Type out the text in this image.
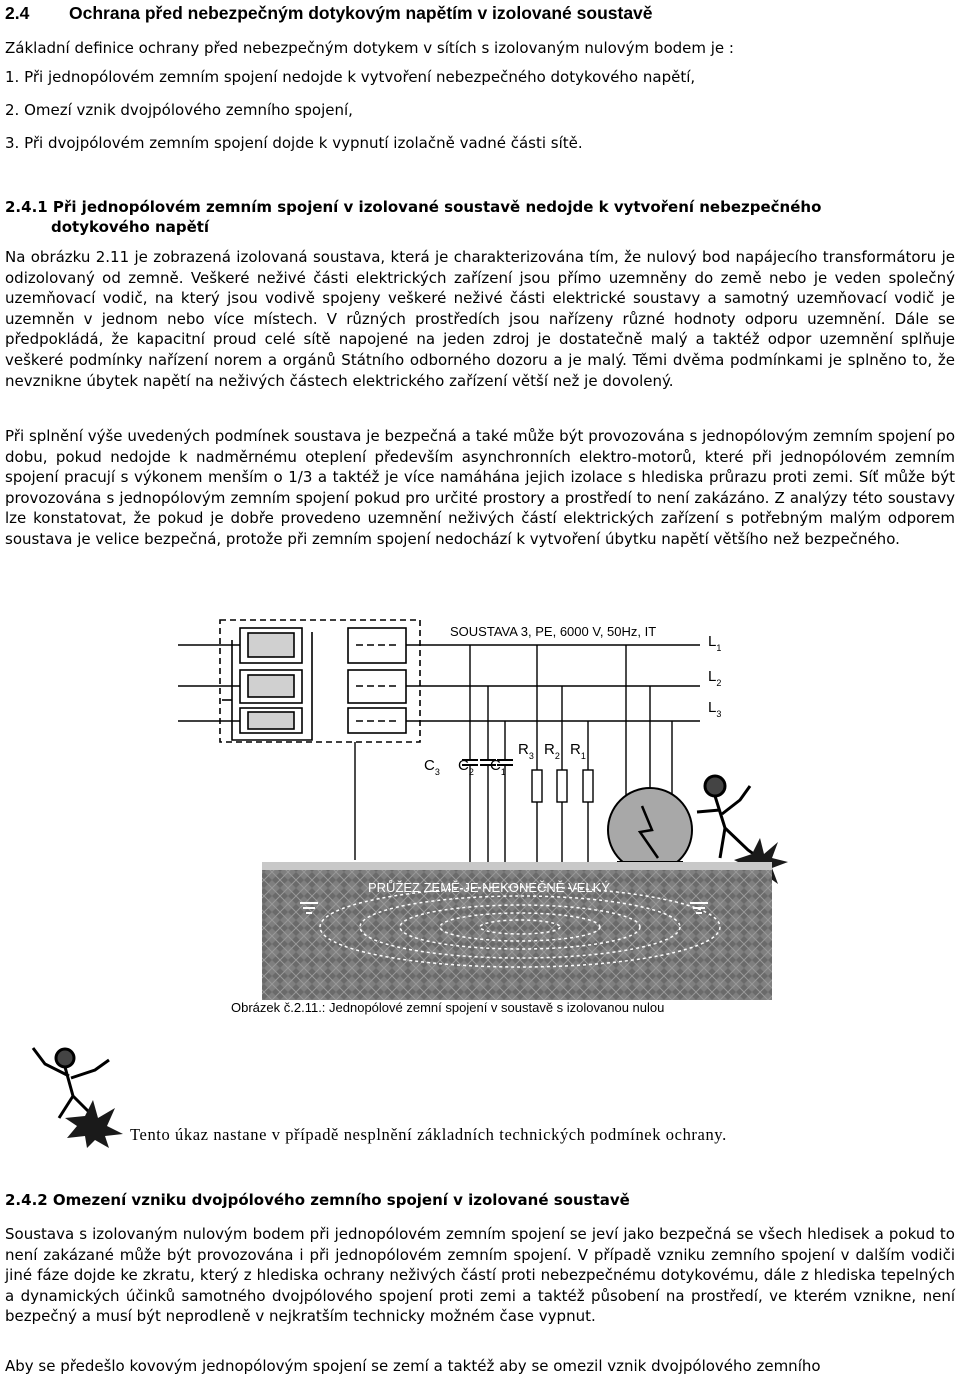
2.4 Ochrana před nebezpečným dotykovým napětím v izolované soustavě
Základní definice ochrany před nebezpečným dotykem v sítích s izolovaným nulovým bodem je :
1. Při jednopólovém zemním spojení nedojde k vytvoření nebezpečného dotykového napětí,
2. Omezí vznik dvojpólového zemního spojení,
3. Při dvojpólovém zemním spojení dojde k vypnutí izolačně vadné části sítě.
2.4.1 Při jednopólovém zemním spojení v izolované soustavě nedojde k vytvoření nebezpečného
dotykového napětí
Na obrázku 2.11 je zobrazená izolovaná soustava, která je charakterizována tím, že nulový bod napájecího transformátoru je odizolovaný od zemně. Veškeré neživé části elektrických zařízení jsou přímo uzemněny do země nebo je veden společný uzemňovací vodič, na který jsou vodivě spojeny veškeré neživé části elektrické soustavy a samotný uzemňovací vodič je uzemněn v jednom nebo více místech. V různých prostředích jsou nařízeny různé hodnoty odporu uzemnění. Dále se předpokládá, že kapacitní proud celé sítě napojené na jeden zdroj je dostatečně malý a taktéž odpor uzemnění splňuje veškeré podmínky nařízení norem a orgánů Státního odborného dozoru a je malý. Těmi dvěma podmínkami je splněno to, že nevznikne úbytek napětí na neživých částech elektrického zařízení větší než je dovolený.
Při splnění výše uvedených podmínek soustava je bezpečná a také může být provozována s jednopólovým zemním spojení po dobu, pokud nedojde k nadměrnému oteplení především asynchronních elektro-motorů, které při jednopólovém zemním spojení pracují s výkonem menším o 1/3 a taktéž je více namáhána jejich izolace s hlediska průrazu proti zemi. Síť může být provozována s jednopólovým zemním spojení pokud pro určité prostory a prostředí to není zakázáno. Z analýzy této soustavy lze konstatovat, že pokud je dobře provedeno uzemnění neživých částí elektrických zařízení s potřebným malým odporem soustava je velice bezpečná, protože při zemním spojení nedochází k vytvoření úbytku napětí většího než bezpečného.
SOUSTAVA 3, PE, 6000 V, 50Hz, IT
$L_1$
$L_2$
$L_3$
$C_3$ $C_2$ $C_1$
$R_3$ $R_2$ $R_1$
PRŮŽEZ ZEMĚ JE NEKONEČNĚ VELKÝ
Obrázek č.2.11.: Jednopólové zemní spojení v soustavě s izolovanou nulou
Tento úkaz nastane v případě nesplnění základních technických podmínek ochrany.
2.4.2 Omezení vzniku dvojpólového zemního spojení v izolované soustavě
Soustava s izolovaným nulovým bodem při jednopólovém zemním spojení se jeví jako bezpečná se všech hledisek a pokud to není zakázané může být provozována i při jednopólovém zemním spojení. V případě vzniku zemního spojení v dalším vodiči jiné fáze dojde ke zkratu, který z hlediska ochrany neživých částí proti nebezpečnému dotykovému, dále z hlediska tepelných a dynamických účinků samotného dvojpólového spojení proti zemi a taktéž působení na prostředí, ve kterém vznikne, není bezpečný a musí být neprodleně v nejkratším technicky možném čase vypnut.
Aby se předešlo kovovým jednopólovým spojení se zemí a taktéž aby se omezil vznik dvojpólového zemního
